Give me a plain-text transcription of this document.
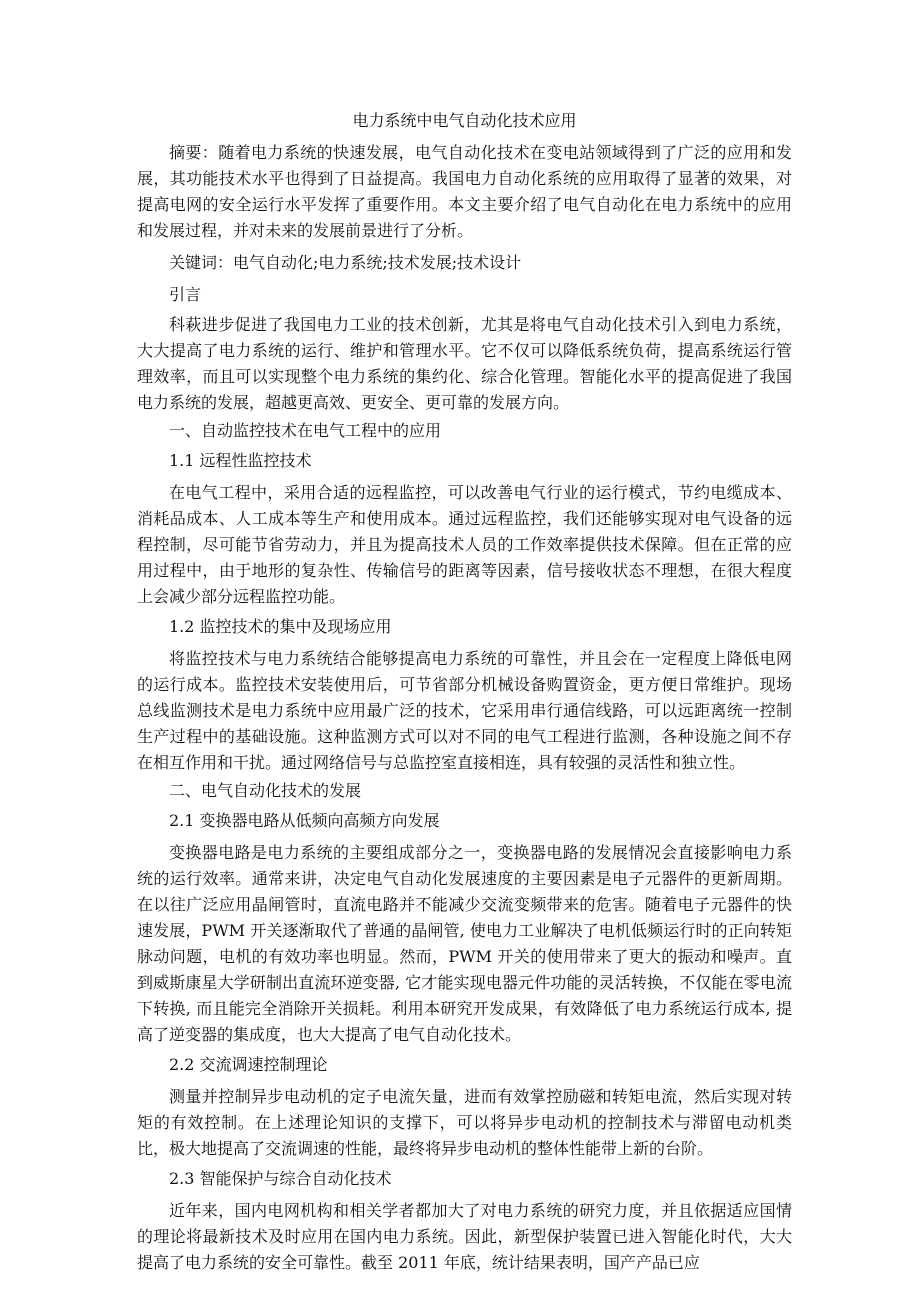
电力系统中电气自动化技术应用

摘要：随着电力系统的快速发展，电气自动化技术在变电站领域得到了广泛的应用和发展，其功能技术水平也得到了日益提高。我国电力自动化系统的应用取得了显著的效果，对提高电网的安全运行水平发挥了重要作用。本文主要介绍了电气自动化在电力系统中的应用和发展过程，并对未来的发展前景进行了分析。

关键词：电气自动化;电力系统;技术发展;技术设计
引言

科萩进步促进了我国电力工业的技术创新，尤其是将电气自动化技术引入到电力系统，大大提高了电力系统的运行、维护和管理水平。它不仅可以降低系统负荷，提高系统运行管理效率，而且可以实现整个电力系统的集约化、综合化管理。智能化水平的提高促进了我国电力系统的发展，超越更高效、更安全、更可靠的发展方向。

一、自动监控技术在电气工程中的应用
1.1 远程性监控技术

在电气工程中，采用合适的远程监控，可以改善电气行业的运行模式，节约电缆成本、消耗品成本、人工成本等生产和使用成本。通过远程监控，我们还能够实现对电气设备的远程控制，尽可能节省劳动力，并且为提高技术人员的工作效率提供技术保障。但在正常的应用过程中，由于地形的复杂性、传输信号的距离等因素，信号接收状态不理想，在很大程度上会减少部分远程监控功能。

1.2 监控技术的集中及现场应用

将监控技术与电力系统结合能够提高电力系统的可靠性，并且会在一定程度上降低电网的运行成本。监控技术安装使用后，可节省部分机械设备购置资金，更方便日常维护。现场总线监测技术是电力系统中应用最广泛的技术，它采用串行通信线路，可以远距离统一控制生产过程中的基础设施。这种监测方式可以对不同的电气工程进行监测，各种设施之间不存在相互作用和干扰。通过网络信号与总监控室直接相连，具有较强的灵活性和独立性。

二、电气自动化技术的发展
2.1 变换器电路从低频向高频方向发展

变换器电路是电力系统的主要组成部分之一，变换器电路的发展情况会直接影响电力系统的运行效率。通常来讲，决定电气自动化发展速度的主要因素是电子元器件的更新周期。在以往广泛应用晶闸管时，直流电路并不能减少交流变频带来的危害。随着电子元器件的快速发展，PWM 开关逐渐取代了普通的晶闸管, 使电力工业解决了电机低频运行时的正向转矩脉动问题，电机的有效功率也明显。然而，PWM 开关的使用带来了更大的振动和噪声。直到威斯康星大学研制出直流环逆变器, 它才能实现电器元件功能的灵活转换，不仅能在零电流下转换, 而且能完全消除开关损耗。利用本研究开发成果，有效降低了电力系统运行成本, 提高了逆变器的集成度，也大大提高了电气自动化技术。

2.2 交流调速控制理论

测量并控制异步电动机的定子电流矢量，进而有效掌控励磁和转矩电流，然后实现对转矩的有效控制。在上述理论知识的支撑下，可以将异步电动机的控制技术与滞留电动机类比，极大地提高了交流调速的性能，最终将异步电动机的整体性能带上新的台阶。

2.3 智能保护与综合自动化技术

近年来，国内电网机构和相关学者都加大了对电力系统的研究力度，并且依据适应国情的理论将最新技术及时应用在国内电力系统。因此，新型保护装置已进入智能化时代，大大提高了电力系统的安全可靠性。截至 2011 年底，统计结果表明，国产产品已应
